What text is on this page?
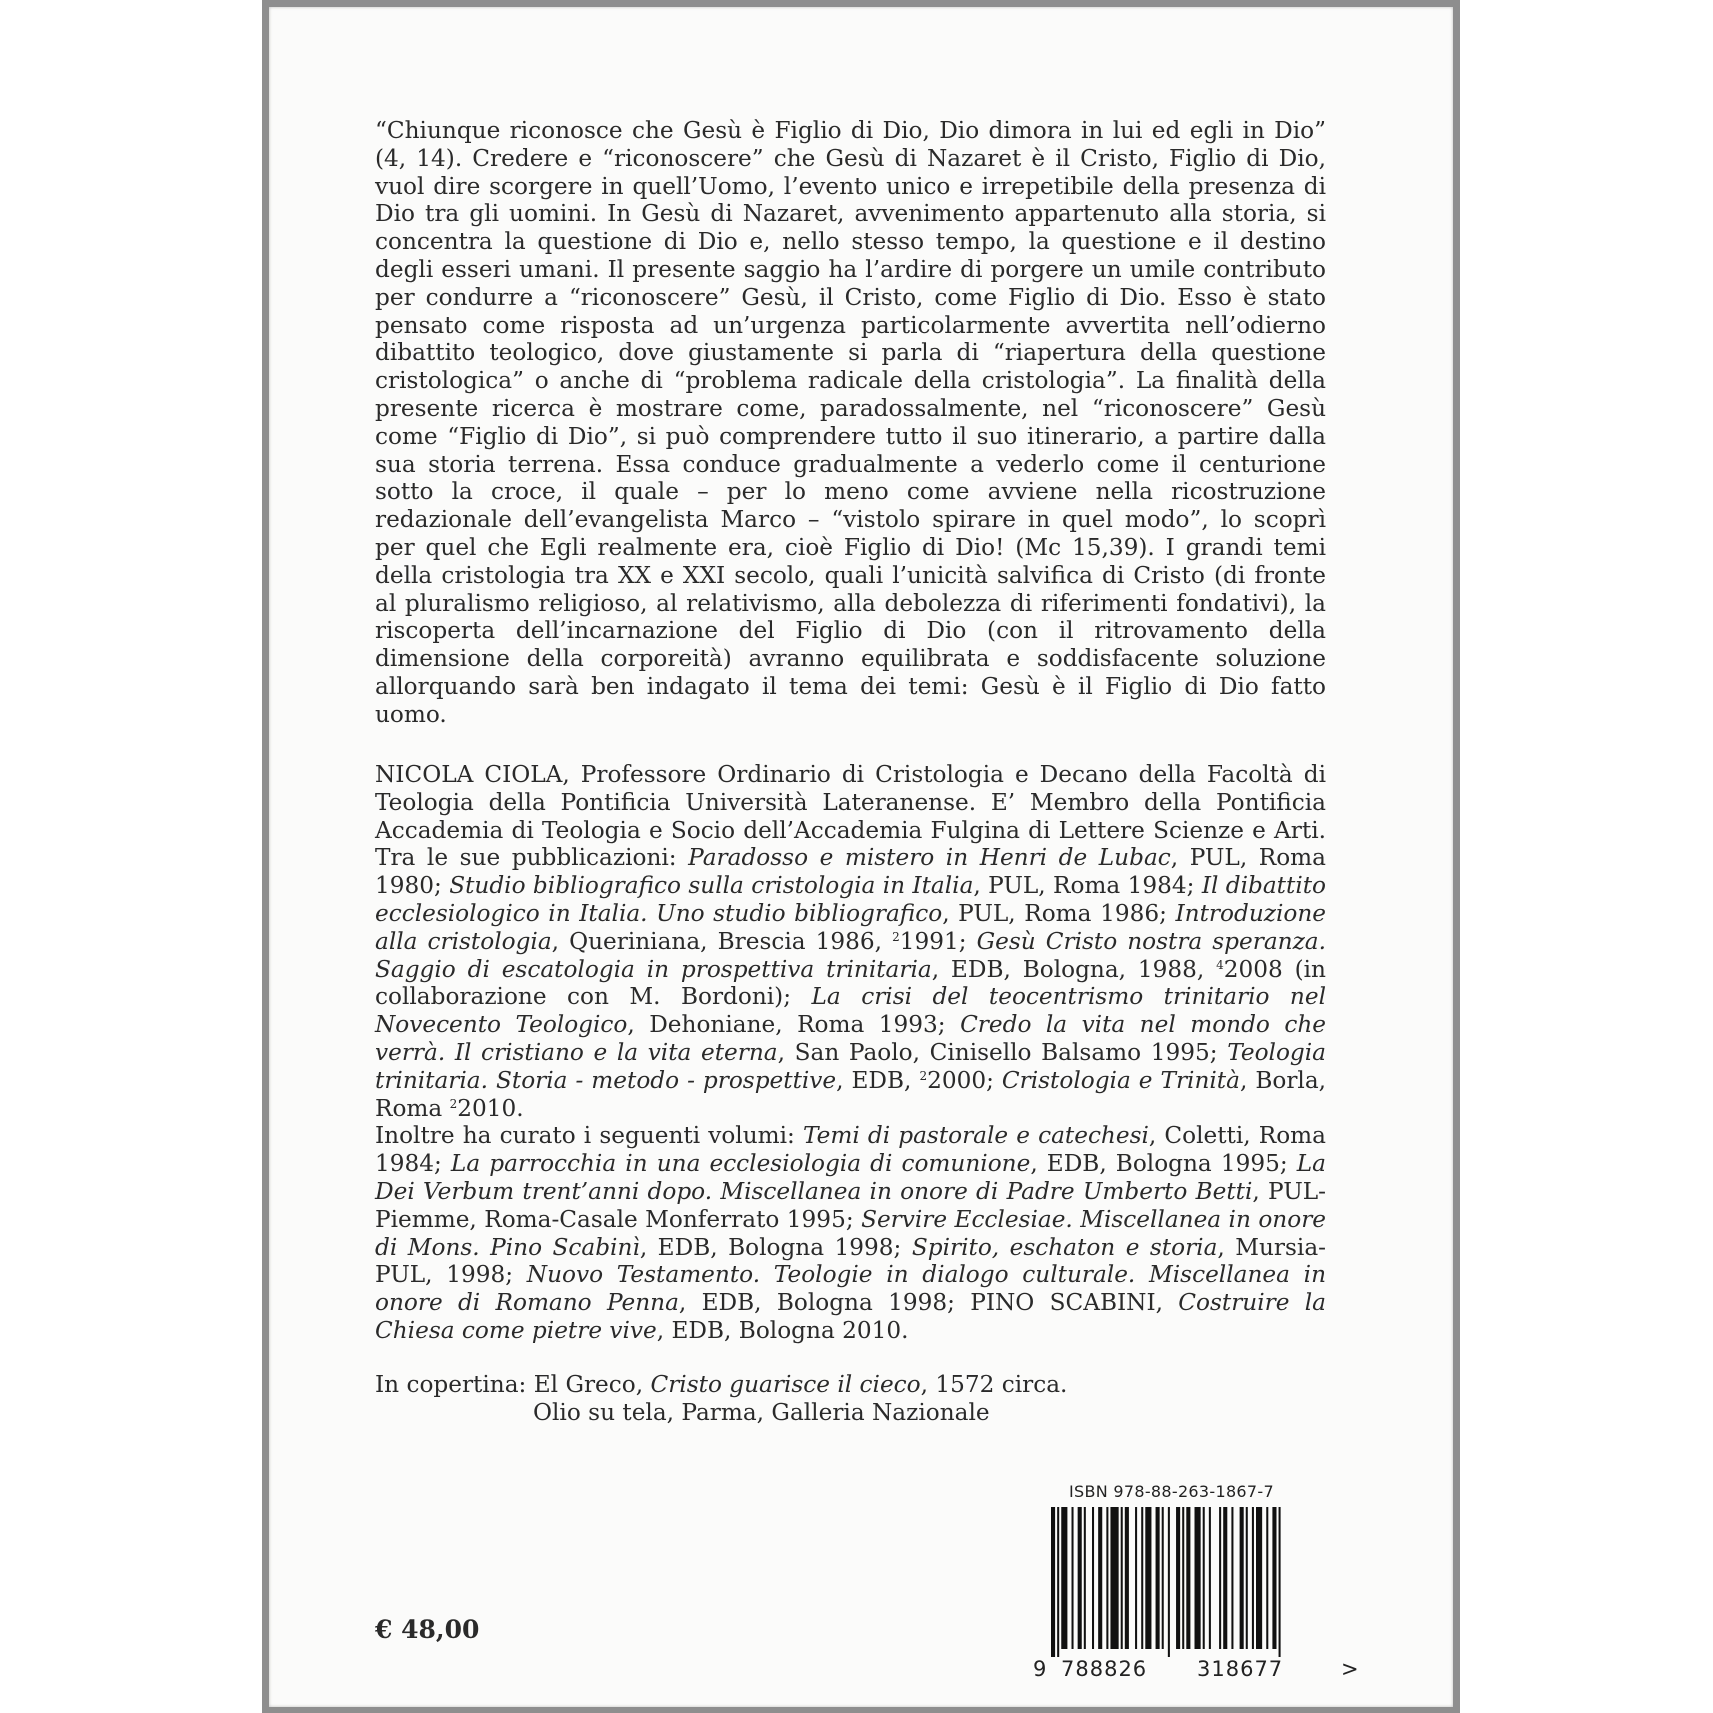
“Chiunque riconosce che Gesù è Figlio di Dio, Dio dimora in lui ed egli in Dio” (4, 14). Credere e “riconoscere” che Gesù di Nazaret è il Cristo, Figlio di Dio, vuol dire scorgere in quell’Uomo, l’evento unico e irrepetibile della presenza di Dio tra gli uomini. In Gesù di Nazaret, avvenimento appartenuto alla storia, si concentra la questione di Dio e, nello stesso tempo, la questione e il destino degli esseri umani. Il presente saggio ha l’ardire di porgere un umile contributo per condurre a “riconoscere” Gesù, il Cristo, come Figlio di Dio. Esso è stato pensato come risposta ad un’urgenza particolarmente avvertita nell’odierno dibattito teologico, dove giustamente si parla di “riapertura della questione cristologica” o anche di “problema radicale della cristologia”. La finalità della presente ricerca è mostrare come, paradossalmente, nel “riconoscere” Gesù come “Figlio di Dio”, si può comprendere tutto il suo itinerario, a partire dalla sua storia terrena. Essa conduce gradualmente a vederlo come il centurione sotto la croce, il quale – per lo meno come avviene nella ricostruzione redazionale dell’evangelista Marco – “vistolo spirare in quel modo”, lo scoprì per quel che Egli realmente era, cioè Figlio di Dio! (Mc 15,39). I grandi temi della cristologia tra XX e XXI secolo, quali l’unicità salvifica di Cristo (di fronte al pluralismo religioso, al relativismo, alla debolezza di riferimenti fondativi), la riscoperta dell’incarnazione del Figlio di Dio (con il ritrovamento della dimensione della corporeità) avranno equilibrata e soddisfacente soluzione allorquando sarà ben indagato il tema dei temi: Gesù è il Figlio di Dio fatto uomo.

NICOLA CIOLA, Professore Ordinario di Cristologia e Decano della Facoltà di Teologia della Pontificia Università Lateranense. E’ Membro della Pontificia Accademia di Teologia e Socio dell’Accademia Fulgina di Lettere Scienze e Arti. Tra le sue pubblicazioni: Paradosso e mistero in Henri de Lubac, PUL, Roma 1980; Studio bibliografico sulla cristologia in Italia, PUL, Roma 1984; Il dibattito ecclesiologico in Italia. Uno studio bibliografico, PUL, Roma 1986; Introduzione alla cristologia, Queriniana, Brescia 1986, $^2$1991; Gesù Cristo nostra speranza. Saggio di escatologia in prospettiva trinitaria, EDB, Bologna, 1988, $^4$2008 (in collaborazione con M. Bordoni); La crisi del teocentrismo trinitario nel Novecento Teologico, Dehoniane, Roma 1993; Credo la vita nel mondo che verrà. Il cristiano e la vita eterna, San Paolo, Cinisello Balsamo 1995; Teologia trinitaria. Storia - metodo - prospettive, EDB, $^2$2000; Cristologia e Trinità, Borla, Roma $^2$2010.

Inoltre ha curato i seguenti volumi: Temi di pastorale e catechesi, Coletti, Roma 1984; La parrocchia in una ecclesiologia di comunione, EDB, Bologna 1995; La Dei Verbum trent’anni dopo. Miscellanea in onore di Padre Umberto Betti, PUL-Piemme, Roma-Casale Monferrato 1995; Servire Ecclesiae. Miscellanea in onore di Mons. Pino Scabinì, EDB, Bologna 1998; Spirito, eschaton e storia, Mursia-PUL, 1998; Nuovo Testamento. Teologie in dialogo culturale. Miscellanea in onore di Romano Penna, EDB, Bologna 1998; PINO SCABINI, Costruire la Chiesa come pietre vive, EDB, Bologna 2010.

In copertina: El Greco, Cristo guarisce il cieco, 1572 circa.
Olio su tela, Parma, Galleria Nazionale
€ 48,00
ISBN 978-88-263-1867-7
9 788826 318677	>
